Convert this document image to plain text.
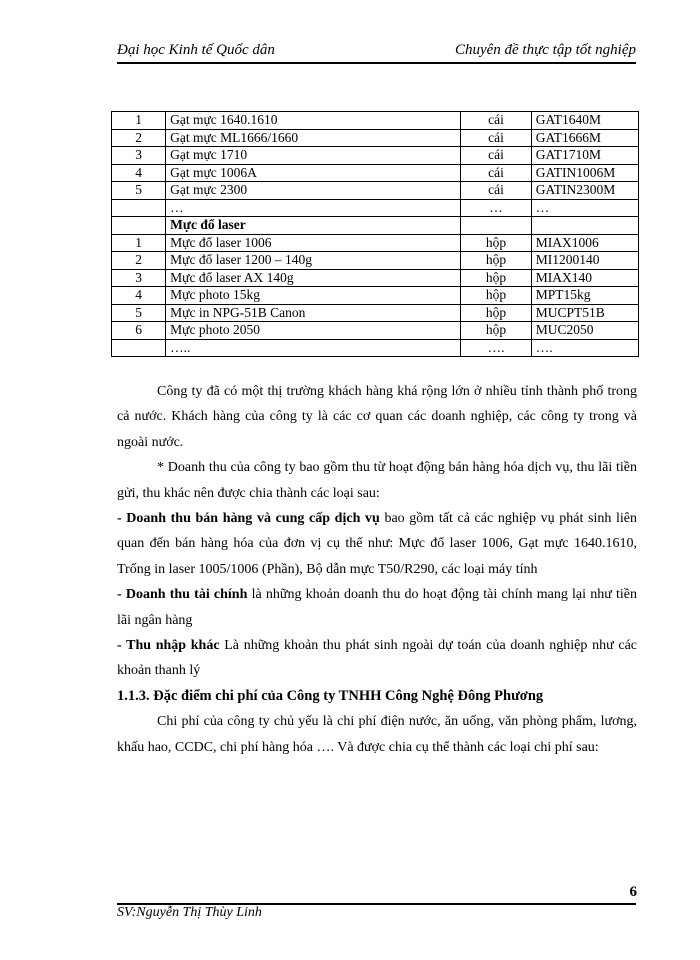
Đại học Kinh tế Quốc dân	Chuyên đề thực tập tốt nghiệp
1	Gạt mực 1640.1610	cái	GAT1640M
2	Gạt mực ML1666/1660	cái	GAT1666M
3	Gạt mực 1710	cái	GAT1710M
4	Gạt mực 1006A	cái	GATIN1006M
5	Gạt mực 2300	cái	GATIN2300M
	…	…	…
	Mực đổ laser		
1	Mực đổ laser 1006	hộp	MIAX1006
2	Mực đổ laser 1200 – 140g	hộp	MI1200140
3	Mực đổ laser AX 140g	hộp	MIAX140
4	Mực photo 15kg	hộp	MPT15kg
5	Mực in NPG-51B Canon	hộp	MUCPT51B
6	Mực photo 2050	hộp	MUC2050
	…..	….	….

Công ty đã có một thị trường khách hàng khá rộng lớn ở nhiều tỉnh thành phố trong cả nước. Khách hàng của công ty là các cơ quan các doanh nghiệp, các công ty trong và ngoài nước.

* Doanh thu của công ty bao gồm thu từ hoạt động bán hàng hóa dịch vụ, thu lãi tiền gửi, thu khác nên được chia thành các loại sau:

- Doanh thu bán hàng và cung cấp dịch vụ bao gồm tất cả các nghiệp vụ phát sinh liên quan đến bán hàng hóa của đơn vị cụ thể như: Mực đổ laser 1006, Gạt mực 1640.1610, Trống in laser 1005/1006 (Phần), Bộ dẫn mực T50/R290, các loại máy tính

- Doanh thu tài chính là những khoản doanh thu do hoạt động tài chính mang lại như tiền lãi ngân hàng

- Thu nhập khác Là những khoản thu phát sinh ngoài dự toán của doanh nghiệp như các khoản thanh lý

1.1.3. Đặc điểm chi phí của Công ty TNHH Công Nghệ Đông Phương

Chi phí của công ty chủ yếu là chi phí điện nước, ăn uống, văn phòng phẩm, lương, khấu hao, CCDC, chi phí hàng hóa …. Và được chia cụ thể thành các loại chi phí sau:

6
SV:Nguyễn Thị Thùy Linh
